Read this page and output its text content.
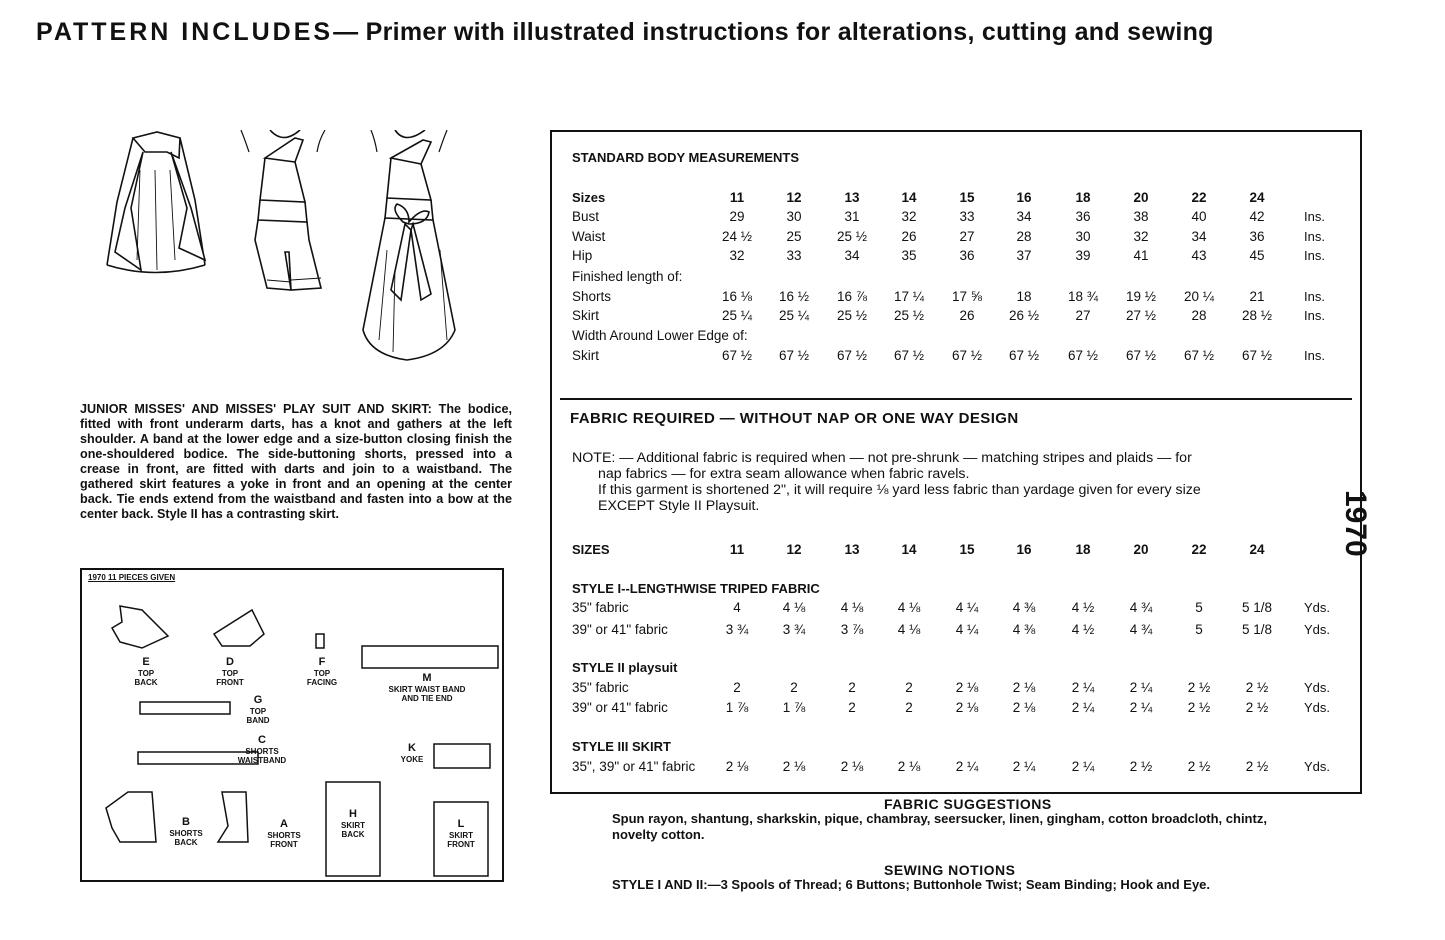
PATTERN INCLUDES— Primer with illustrated instructions for alterations, cutting and sewing
1970
JUNIOR MISSES' AND MISSES' PLAY SUIT AND SKIRT: The bodice, fitted with front underarm darts, has a knot and gathers at the left shoulder. A band at the lower edge and a size-button closing finish the one-shouldered bodice. The side-buttoning shorts, pressed into a crease in front, are fitted with darts and join to a waistband. The gathered skirt features a yoke in front and an opening at the center back. Tie ends extend from the waistband and fasten into a bow at the center back. Style II has a contrasting skirt.
1970 11 PIECES GIVEN
E
TOP
BACK
D
TOP
FRONT
F
TOP
FACING	M
SKIRT WAIST BAND
AND TIE END
G
TOP
BAND
C
SHORTS
WAISTBAND
K
YOKE
B
SHORTS
BACK
A
SHORTS
FRONT
H
SKIRT
BACK
L
SKIRT
FRONT
STANDARD BODY MEASUREMENTS
Sizes	11	12	13	14	15	16	18	20	22	24
Bust	29	30	31	32	33	34	36	38	40	42	Ins.
Waist	24 ½	25	25 ½	26	27	28	30	32	34	36	Ins.
Hip	32	33	34	35	36	37	39	41	43	45	Ins.
Finished length of:
Shorts	16 ⅛	16 ½	16 ⅞	17 ¼	17 ⅝	18	18 ¾	19 ½	20 ¼	21	Ins.
Skirt	25 ¼	25 ¼	25 ½	25 ½	26	26 ½	27	27 ½	28	28 ½	Ins.
Width Around Lower Edge of:
Skirt	67 ½	67 ½	67 ½	67 ½	67 ½	67 ½	67 ½	67 ½	67 ½	67 ½	Ins.
FABRIC REQUIRED — WITHOUT NAP OR ONE WAY DESIGN
NOTE: — Additional fabric is required when — not pre-shrunk — matching stripes and plaids — for
nap fabrics — for extra seam allowance when fabric ravels.
If this garment is shortened 2", it will require ⅛ yard less fabric than yardage given for every size
EXCEPT Style II Playsuit.
SIZES	11	12	13	14	15	16	18	20	22	24
STYLE I--LENGTHWISE TRIPED FABRIC
35" fabric	4	4 ⅛	4 ⅛	4 ⅛	4 ¼	4 ⅜	4 ½	4 ¾	5	5 1/8	Yds.
39" or 41" fabric	3 ¾	3 ¾	3 ⅞	4 ⅛	4 ¼	4 ⅜	4 ½	4 ¾	5	5 1/8	Yds.
STYLE II playsuit
35" fabric	2	2	2	2	2 ⅛	2 ⅛	2 ¼	2 ¼	2 ½	2 ½	Yds.
39" or 41" fabric	1 ⅞	1 ⅞	2	2	2 ⅛	2 ⅛	2 ¼	2 ¼	2 ½	2 ½	Yds.
STYLE III SKIRT
35", 39" or 41" fabric	2 ⅛	2 ⅛	2 ⅛	2 ⅛	2 ¼	2 ¼	2 ¼	2 ½	2 ½	2 ½	Yds.
FABRIC SUGGESTIONS
Spun rayon, shantung, sharkskin, pique, chambray, seersucker, linen, gingham, cotton broadcloth, chintz, novelty cotton.
SEWING NOTIONS
STYLE I AND II:—3 Spools of Thread; 6 Buttons; Buttonhole Twist; Seam Binding; Hook and Eye.
